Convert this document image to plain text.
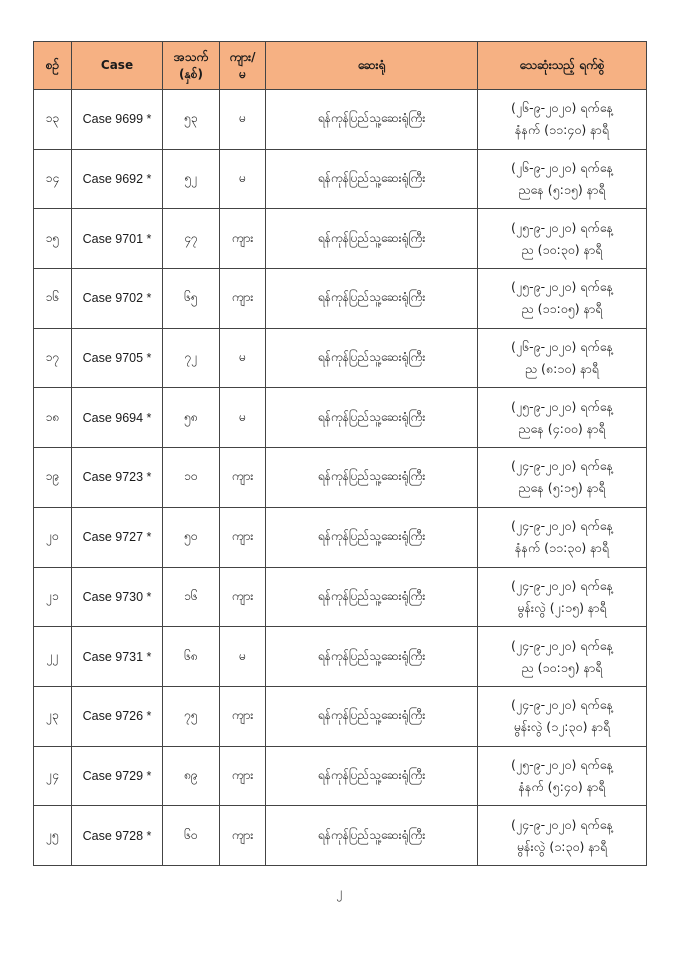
စဉ်	Case	အသက်
(နှစ်)	ကျား/
မ	ဆေးရုံ	သေဆုံးသည့် ရက်စွဲ
၁၃	Case 9699 *	၅၃	မ	ရန်ကုန်ပြည်သူ့ဆေးရုံကြီး	(၂၆-၉-၂၀၂၀) ရက်နေ့
နံနက် (၁၁:၄၀) နာရီ

၁၄	Case 9692 *	၅၂	မ	ရန်ကုန်ပြည်သူ့ဆေးရုံကြီး	(၂၆-၉-၂၀၂၀) ရက်နေ့
ညနေ (၅:၁၅) နာရီ

၁၅	Case 9701 *	၄၇	ကျား	ရန်ကုန်ပြည်သူ့ဆေးရုံကြီး	(၂၅-၉-၂၀၂၀) ရက်နေ့
ည (၁၀:၃၀) နာရီ

၁၆	Case 9702 *	၆၅	ကျား	ရန်ကုန်ပြည်သူ့ဆေးရုံကြီး	(၂၅-၉-၂၀၂၀) ရက်နေ့
ည (၁၁:၀၅) နာရီ

၁၇	Case 9705 *	၇၂	မ	ရန်ကုန်ပြည်သူ့ဆေးရုံကြီး	(၂၆-၉-၂၀၂၀) ရက်နေ့
ည (၈:၁၀) နာရီ

၁၈	Case 9694 *	၅၈	မ	ရန်ကုန်ပြည်သူ့ဆေးရုံကြီး	(၂၅-၉-၂၀၂၀) ရက်နေ့
ညနေ (၄:၀၀) နာရီ

၁၉	Case 9723 *	၁၀	ကျား	ရန်ကုန်ပြည်သူ့ဆေးရုံကြီး	(၂၄-၉-၂၀၂၀) ရက်နေ့
ညနေ (၅:၁၅) နာရီ

၂၀	Case 9727 *	၅၀	ကျား	ရန်ကုန်ပြည်သူ့ဆေးရုံကြီး	(၂၄-၉-၂၀၂၀) ရက်နေ့
နံနက် (၁၁:၃၀) နာရီ

၂၁	Case 9730 *	၁၆	ကျား	ရန်ကုန်ပြည်သူ့ဆေးရုံကြီး	(၂၄-၉-၂၀၂၀) ရက်နေ့
မွန်းလွဲ (၂:၁၅) နာရီ

၂၂	Case 9731 *	၆၈	မ	ရန်ကုန်ပြည်သူ့ဆေးရုံကြီး	(၂၄-၉-၂၀၂၀) ရက်နေ့
ည (၁၀:၁၅) နာရီ

၂၃	Case 9726 *	၇၅	ကျား	ရန်ကုန်ပြည်သူ့ဆေးရုံကြီး	(၂၄-၉-၂၀၂၀) ရက်နေ့
မွန်းလွဲ (၁၂:၃၀) နာရီ

၂၄	Case 9729 *	၈၉	ကျား	ရန်ကုန်ပြည်သူ့ဆေးရုံကြီး	(၂၅-၉-၂၀၂၀) ရက်နေ့
နံနက် (၅:၄၀) နာရီ

၂၅	Case 9728 *	၆၀	ကျား	ရန်ကုန်ပြည်သူ့ဆေးရုံကြီး	(၂၄-၉-၂၀၂၀) ရက်နေ့
မွန်းလွဲ (၁:၃၀) နာရီ
၂
